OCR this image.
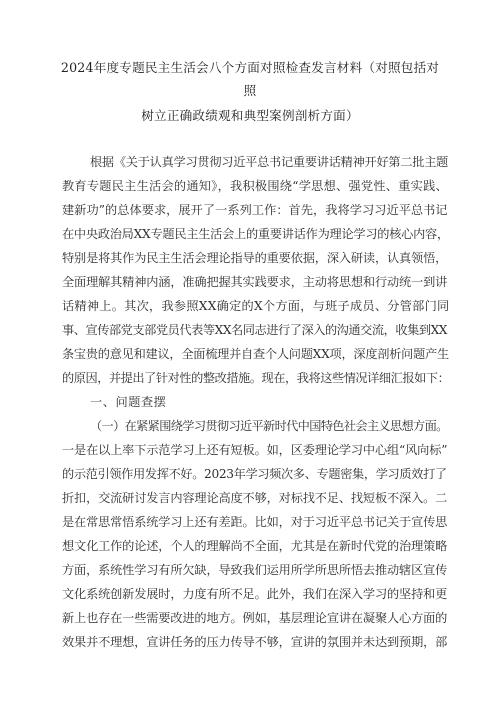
2024年度专题民主生活会八个方面对照检查发言材料（对照包括对
照
树立正确政绩观和典型案例剖析方面）
根据《关于认真学习贯彻习近平总书记重要讲话精神开好第二批主题
教育专题民主生活会的通知》，我积极围绕“学思想、强党性、重实践、
建新功”的总体要求，展开了一系列工作：首先，我将学习习近平总书记
在中央政治局XX专题民主生活会上的重要讲话作为理论学习的核心内容，
特别是将其作为民主生活会理论指导的重要依据，深入研读，认真领悟，
全面理解其精神内涵，准确把握其实践要求，主动将思想和行动统一到讲
话精神上。其次，我参照XX确定的X个方面，与班子成员、分管部门同
事、宣传部党支部党员代表等XX名同志进行了深入的沟通交流，收集到XX
条宝贵的意见和建议，全面梳理并自查个人问题XX项，深度剖析问题产生
的原因，并提出了针对性的整改措施。现在，我将这些情况详细汇报如下：
一、问题查摆
（一）在紧紧围绕学习贯彻习近平新时代中国特色社会主义思想方面。
一是在以上率下示范学习上还有短板。如，区委理论学习中心组“风向标”
的示范引领作用发挥不好。2023年学习频次多、专题密集，学习质效打了
折扣，交流研讨发言内容理论高度不够，对标找不足、找短板不深入。二
是在常思常悟系统学习上还有差距。比如，对于习近平总书记关于宣传思
想文化工作的论述，个人的理解尚不全面，尤其是在新时代党的治理策略
方面，系统性学习有所欠缺，导致我们运用所学所思所悟去推动辖区宣传
文化系统创新发展时，力度有所不足。此外，我们在深入学习的坚持和更
新上也存在一些需要改进的地方。例如，基层理论宣讲在凝聚人心方面的
效果并不理想，宣讲任务的压力传导不够，宣讲的氛围并未达到预期，部
